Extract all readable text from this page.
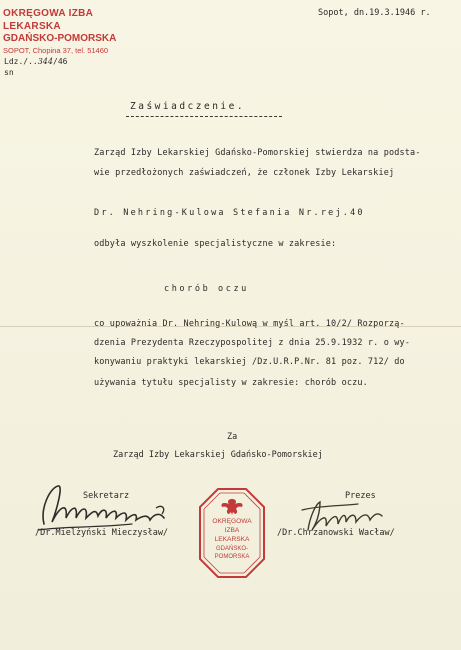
OKRĘGOWA IZBA LEKARSKA
GDAŃSKO-POMORSKA
SOPOT, Chopina 37, tel. 51460
Ldz./..344/46
sn
Sopot, dn.19.3.1946 r.
Zaświadczenie.
Zarząd Izby Lekarskiej Gdańsko-Pomorskiej stwierdza na podsta-
wie przedłożonych zaświadczeń, że członek Izby Lekarskiej
Dr. Nehring-Kulowa Stefania Nr.rej.40
odbyła wyszkolenie specjalistyczne w zakresie:
chorób oczu
co upoważnia Dr. Nehring-Kulową w myśl art. 10/2/ Rozporzą-
dzenia Prezydenta Rzeczypospolitej z dnia 25.9.1932 r. o wy-
konywaniu praktyki lekarskiej /Dz.U.R.P.Nr. 81 poz. 712/ do
używania tytułu specjalisty w zakresie: chorób oczu.
Za
Zarząd Izby Lekarskiej Gdańsko-Pomorskiej
Sekretarz	Prezes
/Dr.Mielżyński Mieczysław/	/Dr.Chrzanowski Wacław/
OKRĘGOWA
IZBA
LEKARSKA
GDAŃSKO-
POMORSKA
